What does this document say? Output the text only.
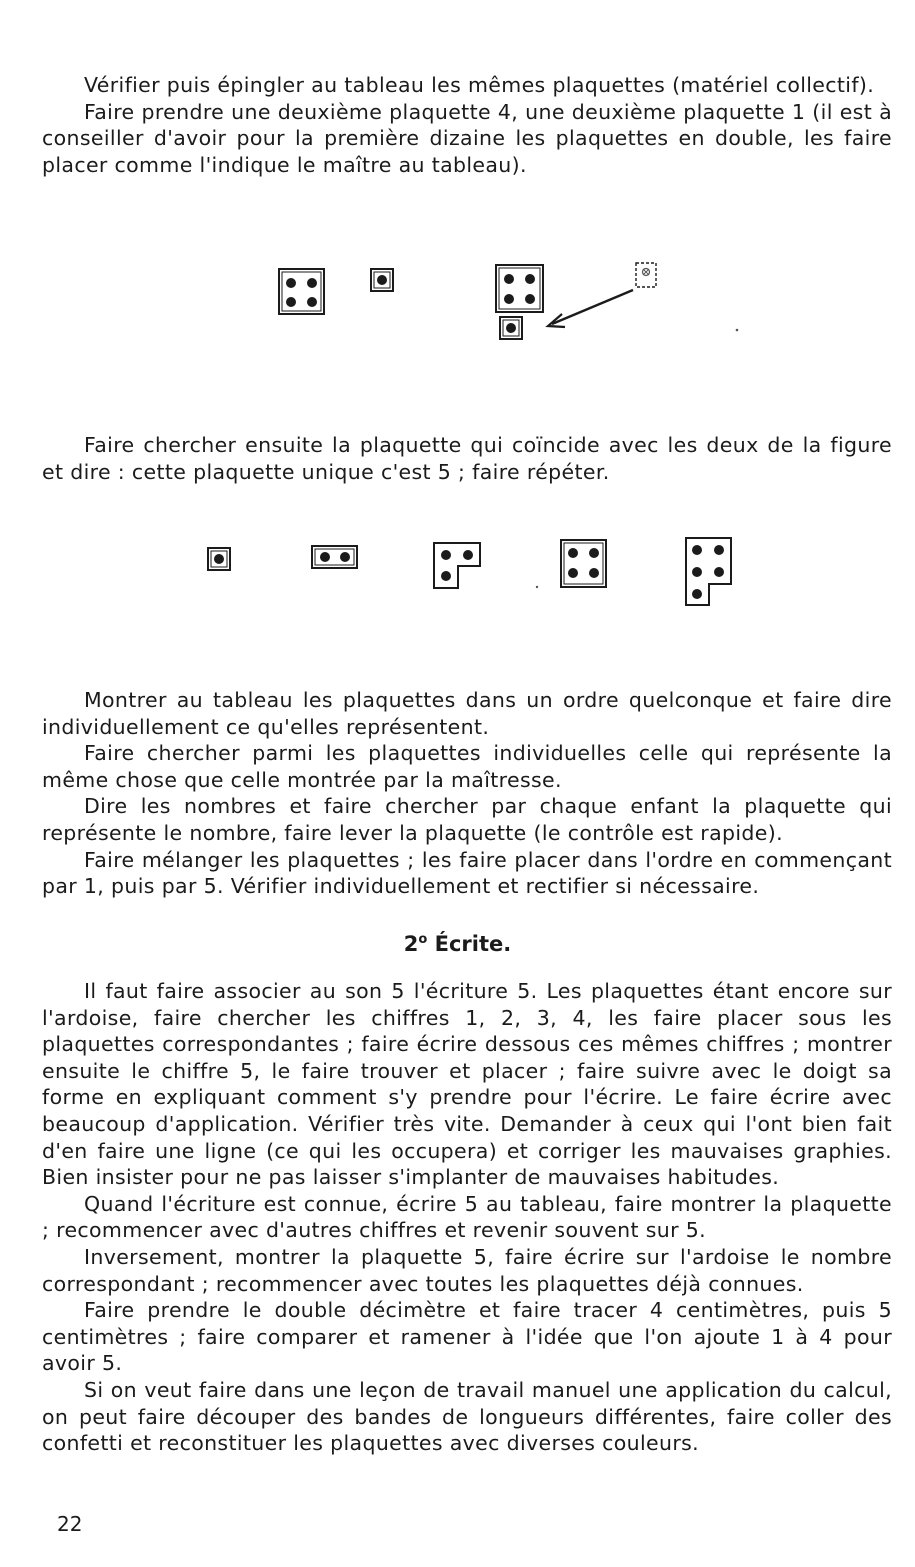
Vérifier puis épingler au tableau les mêmes plaquettes (matériel collectif).

Faire prendre une deuxième plaquette 4, une deuxième plaquette 1 (il est à conseiller d'avoir pour la première dizaine les plaquettes en double, les faire placer comme l'indique le maître au tableau).

Faire chercher ensuite la plaquette qui coïncide avec les deux de la figure et dire : cette plaquette unique c'est 5 ; faire répéter.

Montrer au tableau les plaquettes dans un ordre quelconque et faire dire individuellement ce qu'elles représentent.

Faire chercher parmi les plaquettes individuelles celle qui représente la même chose que celle montrée par la maîtresse.

Dire les nombres et faire chercher par chaque enfant la plaquette qui représente le nombre, faire lever la plaquette (le contrôle est rapide).

Faire mélanger les plaquettes ; les faire placer dans l'ordre en commençant par 1, puis par 5. Vérifier individuellement et rectifier si nécessaire.

2$^o$ Écrite.

Il faut faire associer au son 5 l'écriture 5. Les plaquettes étant encore sur l'ardoise, faire chercher les chiffres 1, 2, 3, 4, les faire placer sous les plaquettes correspondantes ; faire écrire dessous ces mêmes chiffres ; montrer ensuite le chiffre 5, le faire trouver et placer ; faire suivre avec le doigt sa forme en expliquant comment s'y prendre pour l'écrire. Le faire écrire avec beaucoup d'application. Vérifier très vite. Demander à ceux qui l'ont bien fait d'en faire une ligne (ce qui les occupera) et corriger les mauvaises graphies. Bien insister pour ne pas laisser s'implanter de mauvaises habitudes.

Quand l'écriture est connue, écrire 5 au tableau, faire montrer la plaquette ; recommencer avec d'autres chiffres et revenir souvent sur 5.

Inversement, montrer la plaquette 5, faire écrire sur l'ardoise le nombre correspondant ; recommencer avec toutes les plaquettes déjà connues.

Faire prendre le double décimètre et faire tracer 4 centimètres, puis 5 centimètres ; faire comparer et ramener à l'idée que l'on ajoute 1 à 4 pour avoir 5.

Si on veut faire dans une leçon de travail manuel une application du calcul, on peut faire découper des bandes de longueurs différentes, faire coller des confetti et reconstituer les plaquettes avec diverses couleurs.

22
